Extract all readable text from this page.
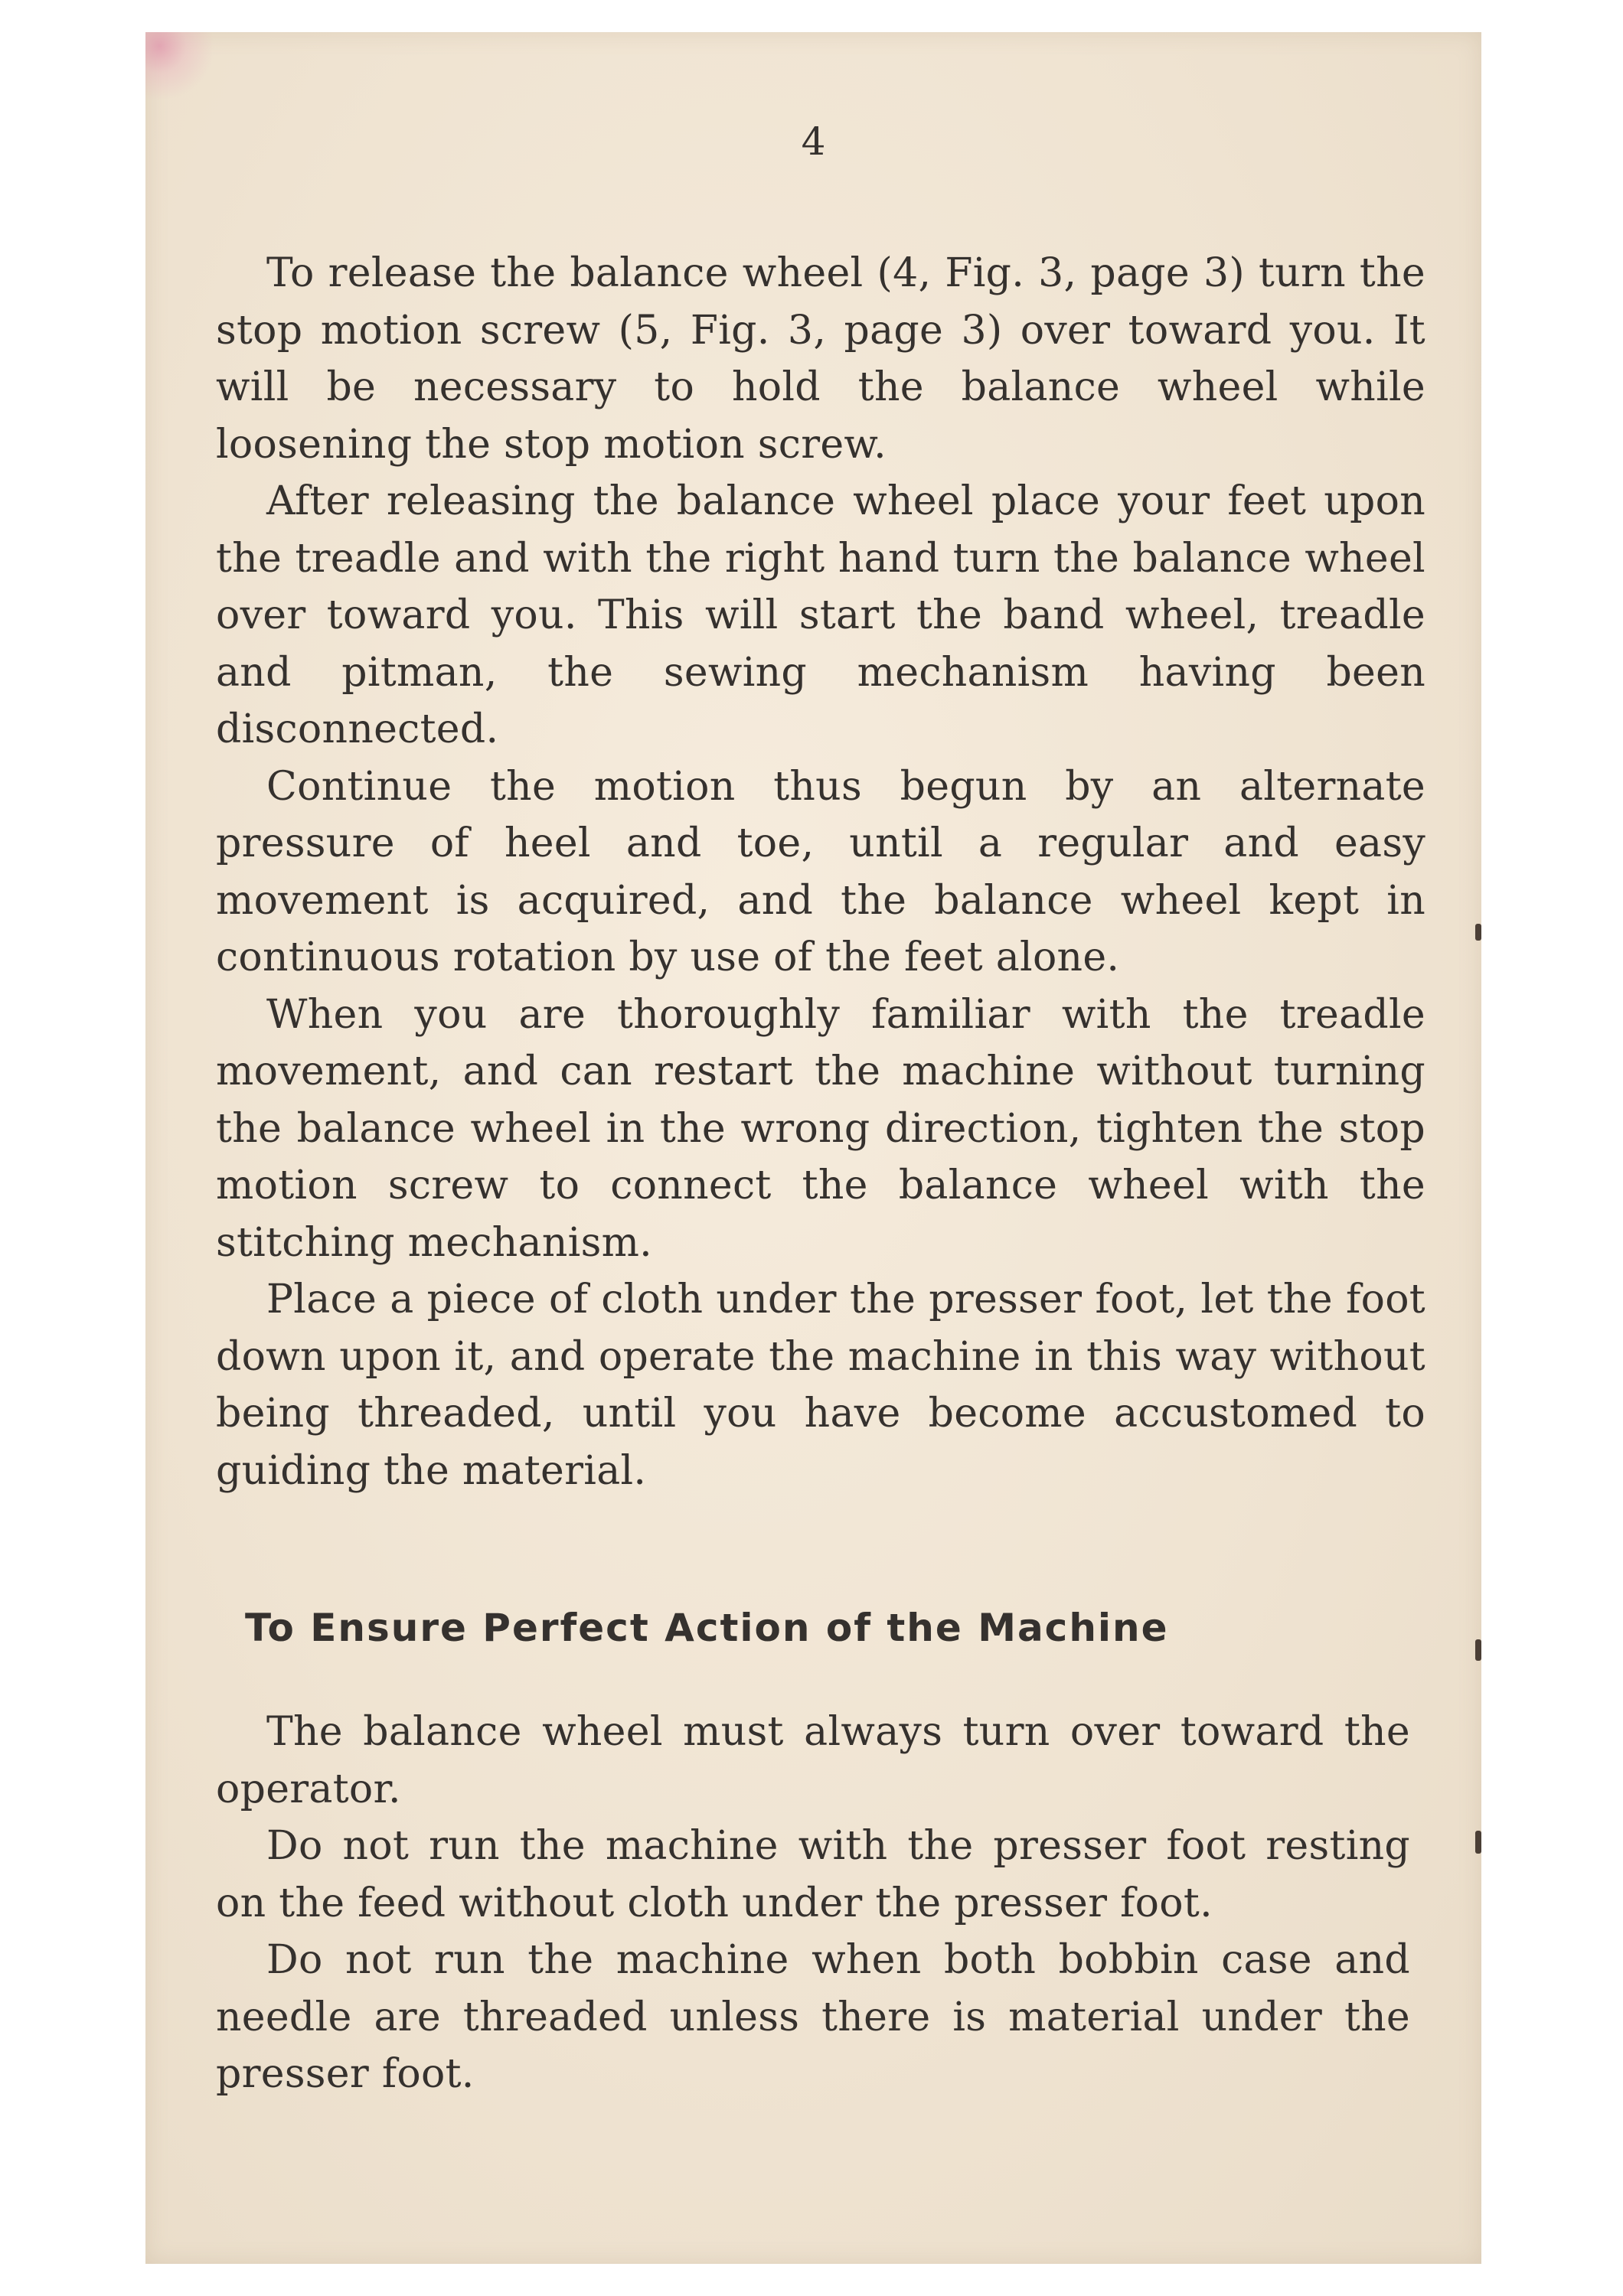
4

To release the balance wheel (4, Fig. 3, page 3) turn the stop motion screw (5, Fig. 3, page 3) over toward you. It will be necessary to hold the balance wheel while loosening the stop motion screw.

After releasing the balance wheel place your feet upon the treadle and with the right hand turn the balance wheel over toward you. This will start the band wheel, treadle and pitman, the sewing mechanism having been disconnected.

Continue the motion thus begun by an alternate pressure of heel and toe, until a regular and easy movement is acquired, and the balance wheel kept in continuous rotation by use of the feet alone.

When you are thoroughly familiar with the treadle movement, and can restart the machine without turning the balance wheel in the wrong direction, tighten the stop motion screw to connect the balance wheel with the stitching mechanism.

Place a piece of cloth under the presser foot, let the foot down upon it, and operate the machine in this way without being threaded, until you have become accustomed to guiding the material.

To Ensure Perfect Action of the Machine

The balance wheel must always turn over toward the operator.

Do not run the machine with the presser foot resting on the feed without cloth under the presser foot.

Do not run the machine when both bobbin case and needle are threaded unless there is material under the presser foot.
